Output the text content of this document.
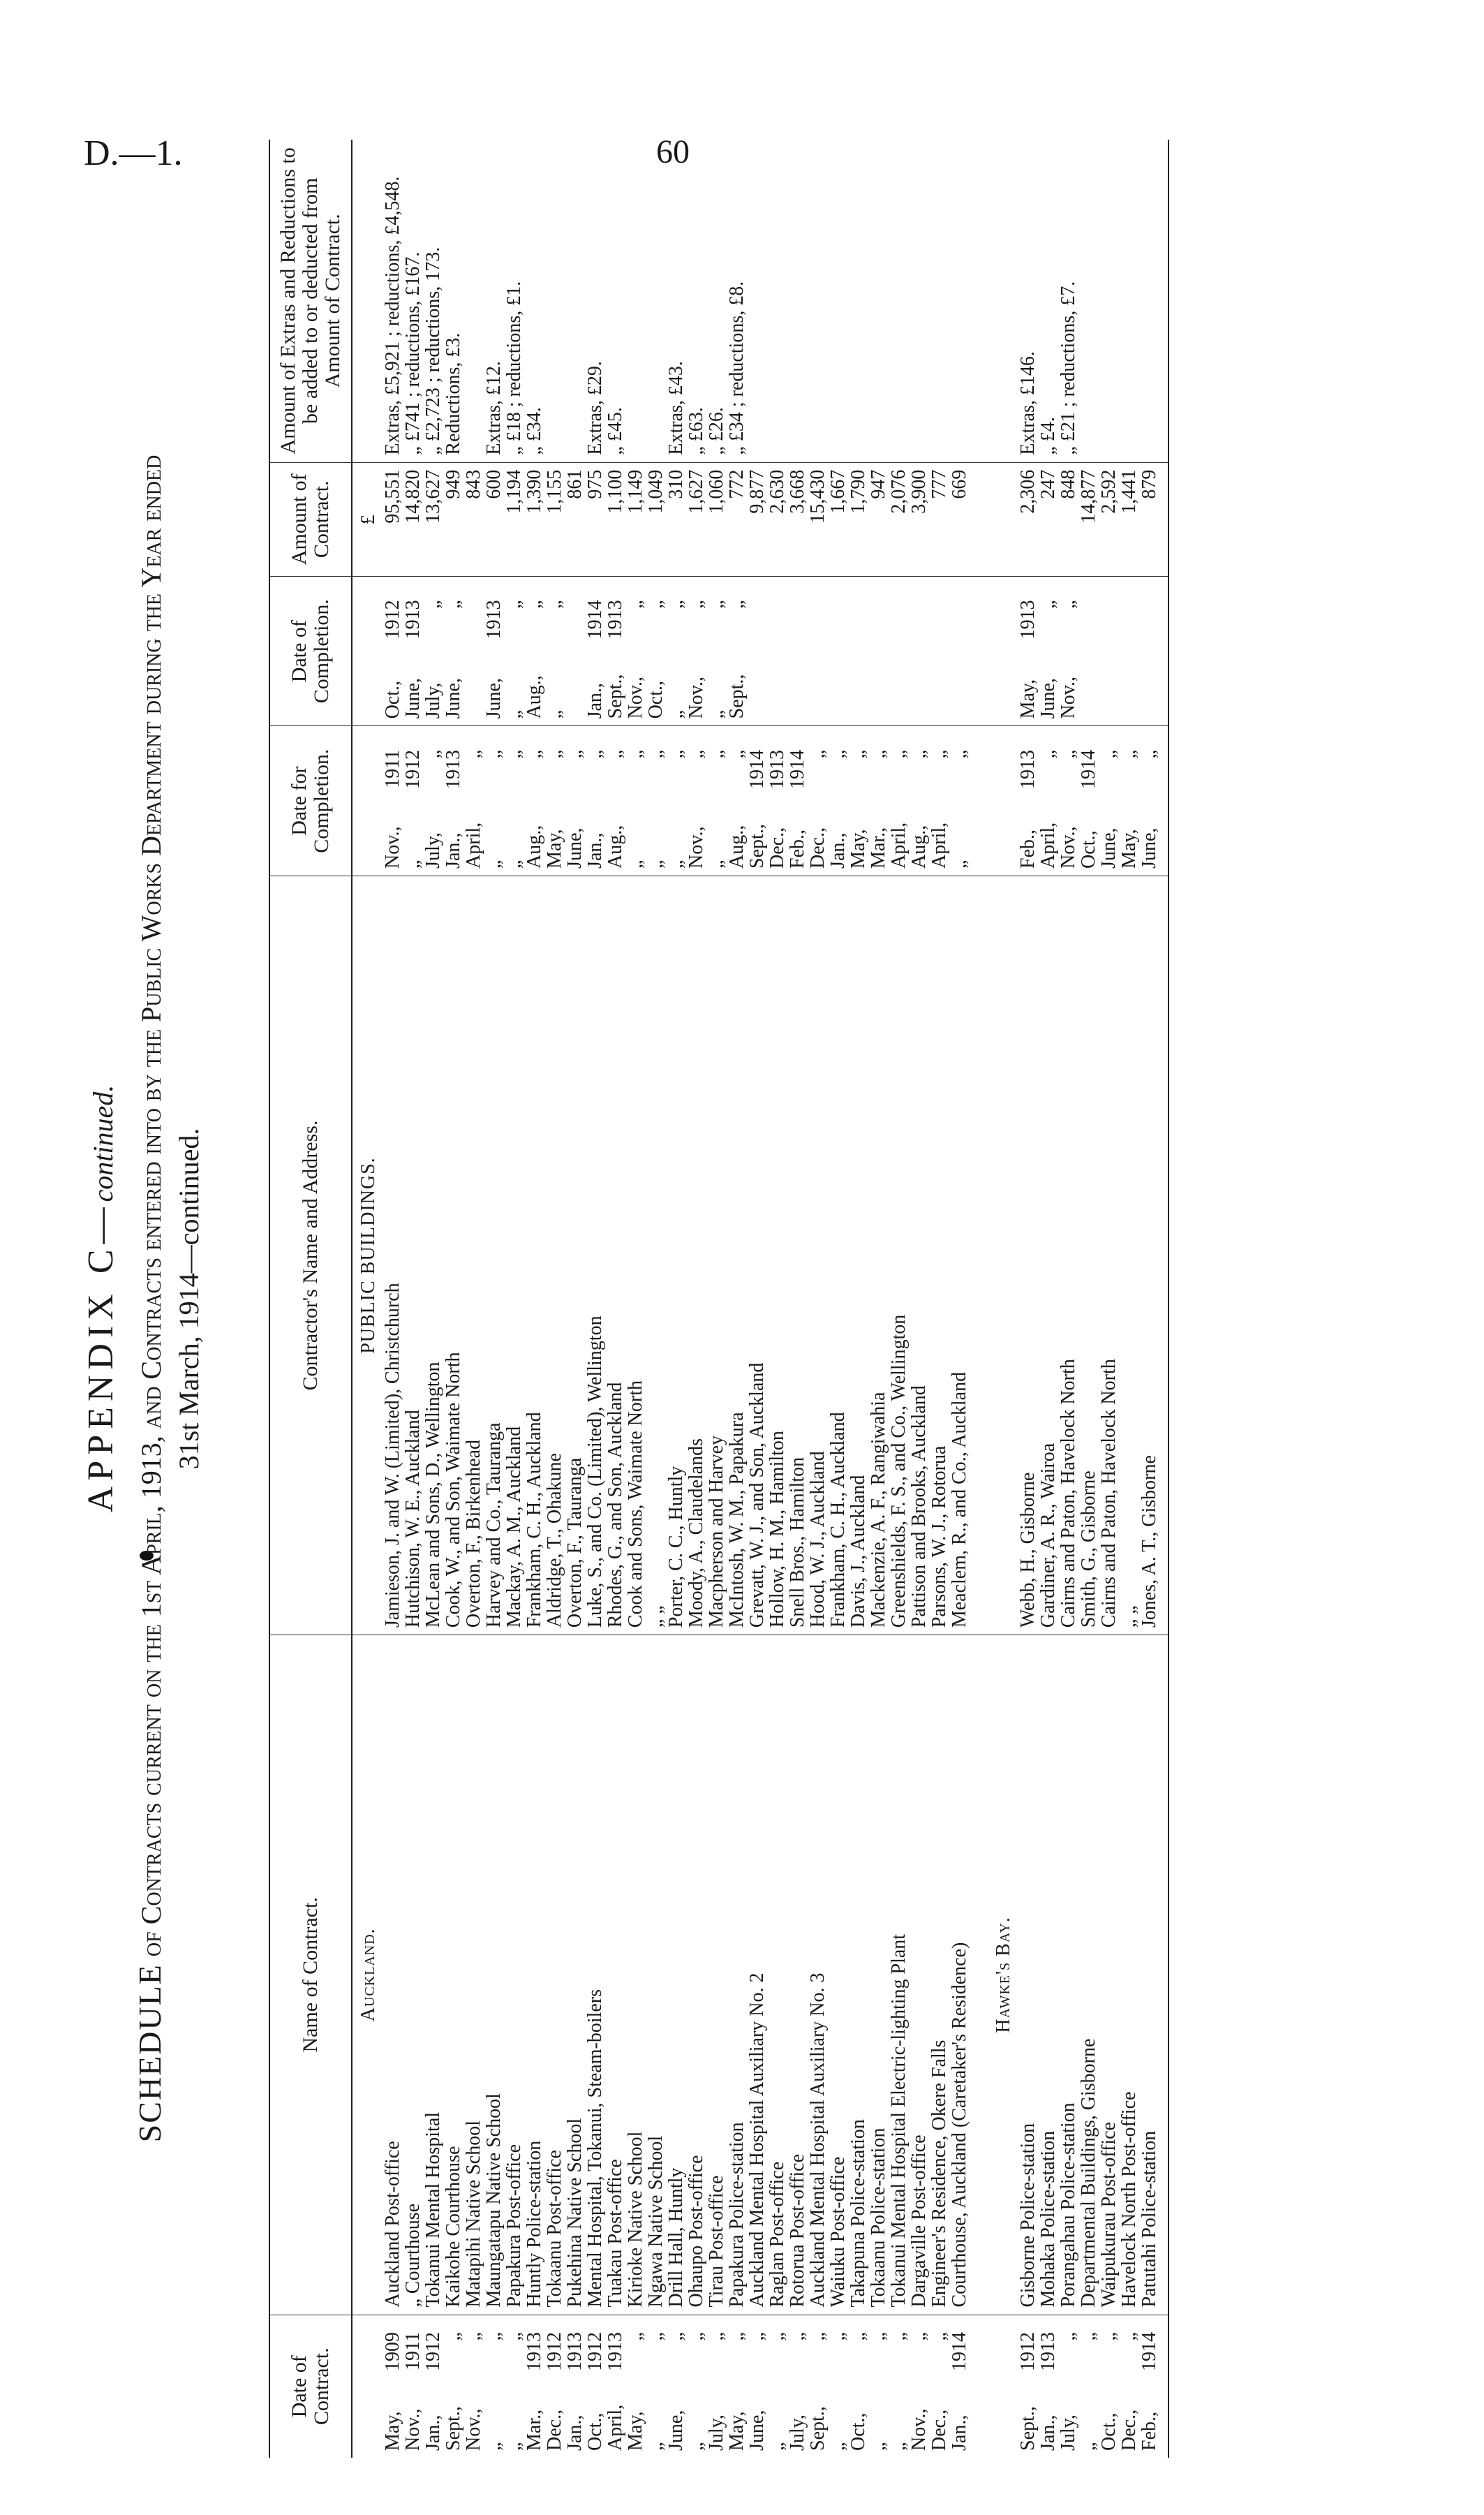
D.—1.	60
APPENDIX C—continued.
SCHEDULE of Contracts current on the 1st April, 1913, and Contracts entered into by the Public Works Department during the Year ended 31st March, 1914—continued.
Date of Contract.	Name of Contract.	Contractor's Name and Address.	Date for Completion.	Date of Completion.	Amount of Contract.	Amount of Extras and Reductions to be added to or deducted from Amount of Contract.
	Auckland.	PUBLIC BUILDINGS.			£	
May,1909	Auckland Post-office	Jamieson, J. and W. (Limited), Christchurch	Nov.,1911	Oct.,1912	95,551	Extras, £5,921 ; reductions, £4,548.
Nov.,1911	„ Courthouse	Hutchison, W. E., Auckland	„1912	June,1913	14,820	„ £741 ; reductions, £167.
Jan.,1912	Tokanui Mental Hospital	McLean and Sons, D., Wellington	July,„	July,„	13,627	„ £2,723 ; reductions, 173.
Sept.,„	Kaikohe Courthouse	Cook, W., and Son, Waimate North	Jan.,1913	June,„	949	Reductions, £3.
Nov.,„	Matapihi Native School	Overton, F., Birkenhead	April,„		843	
„„	Maungatapu Native School	Harvey and Co., Tauranga	„„	June,1913	600	Extras, £12.
„„	Papakura Post-office	Mackay, A. M., Auckland	„„	„„	1,194	„ £18 ; reductions, £1.
Mar.,1913	Huntly Police-station	Frankham, C. H., Auckland	Aug.,„	Aug.,„	1,390	„ £34.
Dec.,1912	Tokaanu Post-office	Aldridge, T., Ohakune	May,„	„„	1,155	
Jan.,1913	Pukehina Native School	Overton, F., Tauranga	June,„		861	
Oct.,1912	Mental Hospital, Tokanui, Steam-boilers	Luke, S., and Co. (Limited), Wellington	Jan.,„	Jan.,1914	975	Extras, £29.
April,1913	Tuakau Post-office	Rhodes, G., and Son, Auckland	Aug.,„	Sept.,1913	1,100	„ £45.
May,„	Kirioke Native School	Cook and Sons, Waimate North	„„	Nov.,„	1,149	
„„	Ngawa Native School	„ „	„„	Oct.,„	1,049	
June,„	Drill Hall, Huntly	Porter, C. C., Huntly	„„	„„	310	Extras, £43.
„„	Ohaupo Post-office	Moody, A., Claudelands	Nov.,„	Nov.,„	1,627	„ £63.
July,„	Tirau Post-office	Macpherson and Harvey	„„	„„	1,060	„ £26.
May,„	Papakura Police-station	McIntosh, W. M., Papakura	Aug.,„	Sept.,„	772	„ £34 ; reductions, £8.
June,„	Auckland Mental Hospital Auxiliary No. 2	Grevatt, W. J., and Son, Auckland	Sept.,1914		9,877	
„„	Raglan Post-office	Hollow, H. M., Hamilton	Dec.,1913		2,630	
July,„	Rotorua Post-office	Snell Bros., Hamilton	Feb.,1914		3,668	
Sept.,„	Auckland Mental Hospital Auxiliary No. 3	Hood, W. J., Auckland	Dec.,„		15,430	
„„	Waiuku Post-office	Frankham, C. H., Auckland	Jan.,„		1,667	
Oct.,„	Takapuna Police-station	Davis, J., Auckland	May,„		1,790	
„„	Tokaanu Police-station	Mackenzie, A. F., Rangiwahia	Mar.,„		947	
„„	Tokanui Mental Hospital Electric-lighting Plant	Greenshields, F. S., and Co., Wellington	April,„		2,076	
Nov.,„	Dargaville Post-office	Pattison and Brooks, Auckland	Aug.,„		3,900	
Dec.,„	Engineer's Residence, Okere Falls	Parsons, W. J., Rotorua	April,„		777	
Jan.,1914	Courthouse, Auckland (Caretaker's Residence)	Meaclem, R., and Co., Auckland	„„		669	

	Hawke's Bay.					
Sept.,1912	Gisborne Police-station	Webb, H., Gisborne	Feb.,1913	May,1913	2,306	Extras, £146.
Jan.,1913	Mohaka Police-station	Gardiner, A. R., Wairoa	April,„	June,„	247	„ £4.
July,„	Porangahau Police-station	Cairns and Paton, Havelock North	Nov.,„	Nov.,„	848	„ £21 ; reductions, £7.
„„	Departmental Buildings, Gisborne	Smith, G., Gisborne	Oct.,1914		14,877	
Oct.,„	Waipukurau Post-office	Cairns and Paton, Havelock North	June,„		2,592	
Dec.,„	Havelock North Post-office	„ „	May,„		1,441	
Feb.,1914	Patutahi Police-station	Jones, A. T., Gisborne	June,„		879	
